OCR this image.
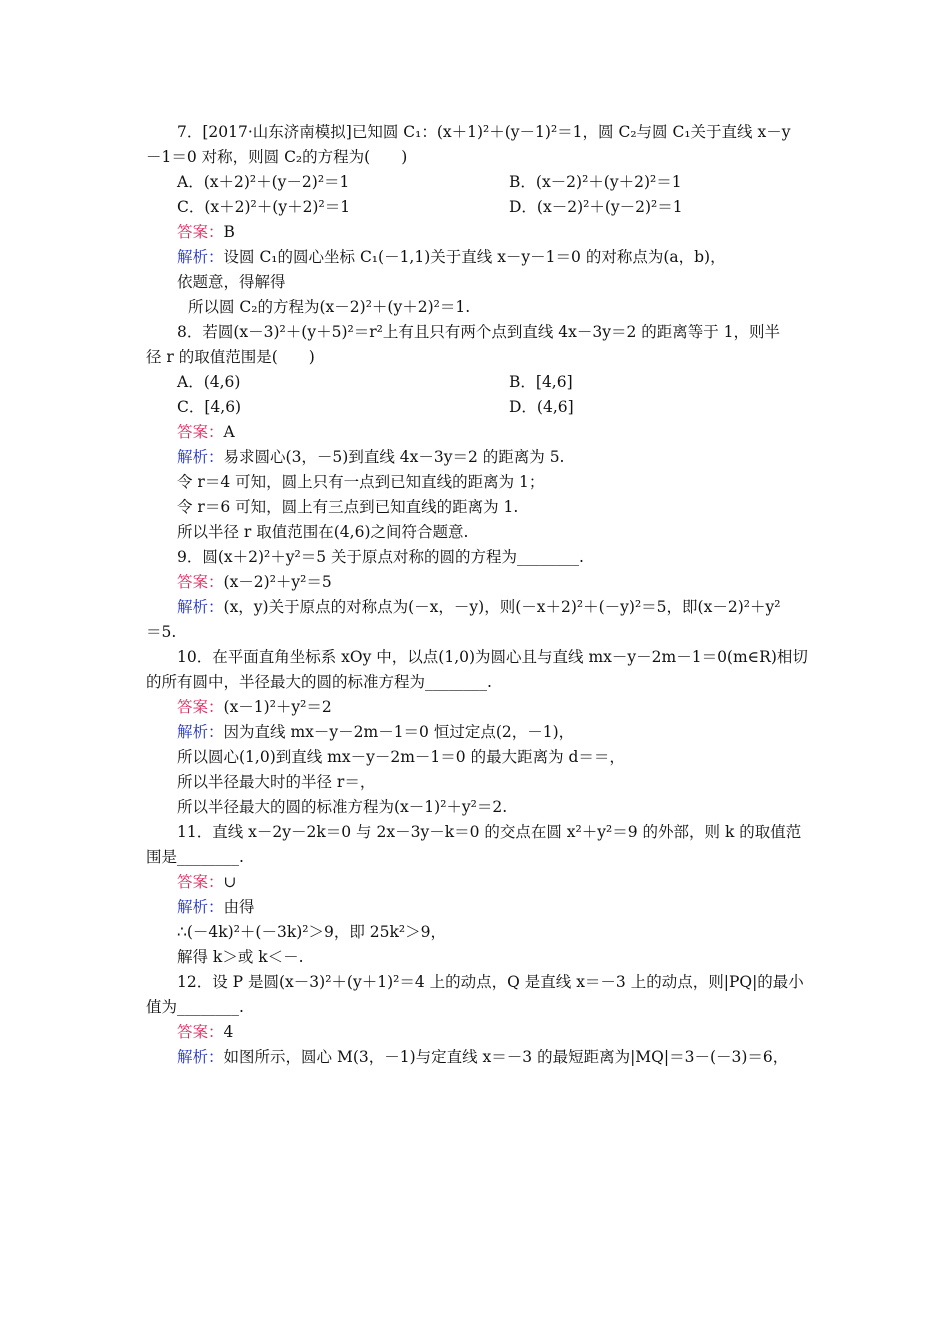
7．[2017·山东济南模拟]已知圆 C₁：(x＋1)²＋(y－1)²＝1，圆 C₂与圆 C₁关于直线 x－y
－1＝0 对称，则圆 C₂的方程为(　　)
A．(x＋2)²＋(y－2)²＝1	B．(x－2)²＋(y＋2)²＝1
C．(x＋2)²＋(y＋2)²＝1	D．(x－2)²＋(y－2)²＝1
答案：B
解析：设圆 C₁的圆心坐标 C₁(－1,1)关于直线 x－y－1＝0 的对称点为(a，b)，
依题意，得解得
所以圆 C₂的方程为(x－2)²＋(y＋2)²＝1.
8．若圆(x－3)²＋(y＋5)²＝r²上有且只有两个点到直线 4x－3y＝2 的距离等于 1，则半
径 r 的取值范围是(　　)
A．(4,6)	B．[4,6]
C．[4,6)	D．(4,6]
答案：A
解析：易求圆心(3，－5)到直线 4x－3y＝2 的距离为 5.
令 r＝4 可知，圆上只有一点到已知直线的距离为 1；
令 r＝6 可知，圆上有三点到已知直线的距离为 1.
所以半径 r 取值范围在(4,6)之间符合题意.
9．圆(x＋2)²＋y²＝5 关于原点对称的圆的方程为________.
答案：(x－2)²＋y²＝5
解析：(x，y)关于原点的对称点为(－x，－y)，则(－x＋2)²＋(－y)²＝5，即(x－2)²＋y²
＝5.
10．在平面直角坐标系 xOy 中，以点(1,0)为圆心且与直线 mx－y－2m－1＝0(m∈R)相切
的所有圆中，半径最大的圆的标准方程为________.
答案：(x－1)²＋y²＝2
解析：因为直线 mx－y－2m－1＝0 恒过定点(2，－1)，
所以圆心(1,0)到直线 mx－y－2m－1＝0 的最大距离为 d＝＝，
所以半径最大时的半径 r＝，
所以半径最大的圆的标准方程为(x－1)²＋y²＝2.
11．直线 x－2y－2k＝0 与 2x－3y－k＝0 的交点在圆 x²＋y²＝9 的外部，则 k 的取值范
围是________.
答案：∪
解析：由得
∴(－4k)²＋(－3k)²＞9，即 25k²＞9，
解得 k＞或 k＜－.
12．设 P 是圆(x－3)²＋(y＋1)²＝4 上的动点，Q 是直线 x＝－3 上的动点，则|PQ|的最小
值为________.
答案：4
解析：如图所示，圆心 M(3，－1)与定直线 x＝－3 的最短距离为|MQ|＝3－(－3)＝6，
